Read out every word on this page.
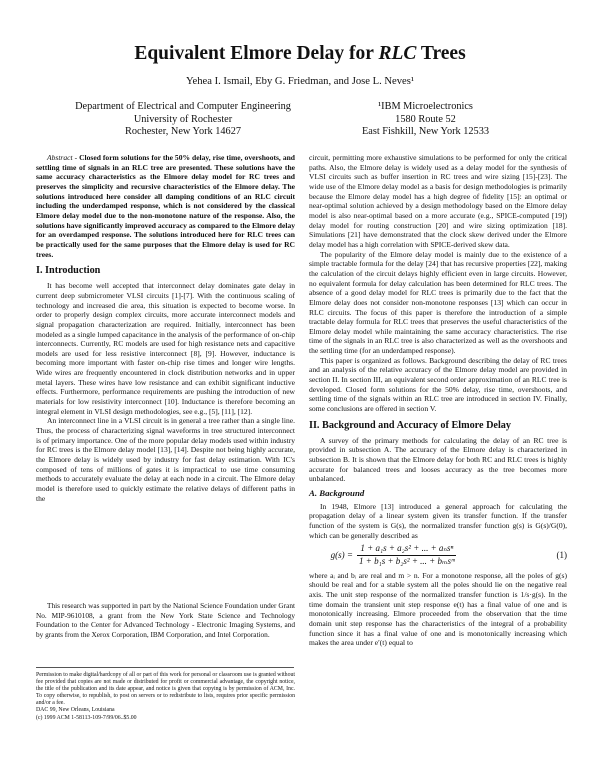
Equivalent Elmore Delay for RLC Trees
Yehea I. Ismail, Eby G. Friedman, and Jose L. Neves¹
Department of Electrical and Computer Engineering
University of Rochester
Rochester, New York 14627
¹IBM Microelectronics
1580 Route 52
East Fishkill, New York 12533

Abstract - Closed form solutions for the 50% delay, rise time, overshoots, and settling time of signals in an RLC tree are presented. These solutions have the same accuracy characteristics as the Elmore delay model for RC trees and preserves the simplicity and recursive characteristics of the Elmore delay. The solutions introduced here consider all damping conditions of an RLC circuit including the underdamped response, which is not considered by the classical Elmore delay model due to the non-monotone nature of the response. Also, the solutions have significantly improved accuracy as compared to the Elmore delay for an overdamped response. The solutions introduced here for RLC trees can be practically used for the same purposes that the Elmore delay is used for RC trees.

I. Introduction

It has become well accepted that interconnect delay dominates gate delay in current deep submicrometer VLSI circuits [1]-[7]. With the continuous scaling of technology and increased die area, this situation is expected to become worse. In order to properly design complex circuits, more accurate interconnect models and signal propagation characterization are required. Initially, interconnect has been modeled as a single lumped capacitance in the analysis of the performance of on-chip interconnects. Currently, RC models are used for high resistance nets and capacitive models are used for less resistive interconnect [8], [9]. However, inductance is becoming more important with faster on-chip rise times and longer wire lengths. Wide wires are frequently encountered in clock distribution networks and in upper metal layers. These wires have low resistance and can exhibit significant inductive effects. Furthermore, performance requirements are pushing the introduction of new materials for low resistivity interconnect [10]. Inductance is therefore becoming an integral element in VLSI design methodologies, see e.g., [5], [11], [12].

An interconnect line in a VLSI circuit is in general a tree rather than a single line. Thus, the process of characterizing signal waveforms in tree structured interconnect is of primary importance. One of the more popular delay models used within industry for RC trees is the Elmore delay model [13], [14]. Despite not being highly accurate, the Elmore delay is widely used by industry for fast delay estimation. With IC's composed of tens of millions of gates it is impractical to use time consuming methods to accurately evaluate the delay at each node in a circuit. The Elmore delay model is therefore used to quickly estimate the relative delays of different paths in the

This research was supported in part by the National Science Foundation under Grant No. MIP-9610108, a grant from the New York State Science and Technology Foundation to the Center for Advanced Technology - Electronic Imaging Systems, and by grants from the Xerox Corporation, IBM Corporation, and Intel Corporation.
Permission to make digital/hardcopy of all or part of this work for personal or classroom use is granted without fee provided that copies are not made or distributed for profit or commercial advantage, the copyright notice, the title of the publication and its date appear, and notice is given that copying is by permission of ACM, Inc. To copy otherwise, to republish, to post on servers or to redistribute to lists, requires prior specific permission and/or a fee.
DAC 99, New Orleans, Louisiana
(c) 1999 ACM 1-58113-109-7/99/06..$5.00

circuit, permitting more exhaustive simulations to be performed for only the critical paths. Also, the Elmore delay is widely used as a delay model for the synthesis of VLSI circuits such as buffer insertion in RC trees and wire sizing [15]-[23]. The wide use of the Elmore delay model as a basis for design methodologies is primarily because the Elmore delay model has a high degree of fidelity [15]: an optimal or near-optimal solution achieved by a design methodology based on the Elmore delay model is also near-optimal based on a more accurate (e.g., SPICE-computed [19]) delay model for routing construction [20] and wire sizing optimization [18]. Simulations [21] have demonstrated that the clock skew derived under the Elmore delay model has a high correlation with SPICE-derived skew data.

The popularity of the Elmore delay model is mainly due to the existence of a simple tractable formula for the delay [24] that has recursive properties [22], making the calculation of the circuit delays highly efficient even in large circuits. However, no equivalent formula for delay calculation has been determined for RLC trees. The absence of a good delay model for RLC trees is primarily due to the fact that the Elmore delay does not consider non-monotone responses [13] which can occur in RLC circuits. The focus of this paper is therefore the introduction of a simple tractable delay formula for RLC trees that preserves the useful characteristics of the Elmore delay model while maintaining the same accuracy characteristics. The rise time of the signals in an RLC tree is also characterized as well as the overshoots and the settling time (for an underdamped response).

This paper is organized as follows. Background describing the delay of RC trees and an analysis of the relative accuracy of the Elmore delay model are provided in section II. In section III, an equivalent second order approximation of an RLC tree is developed. Closed form solutions for the 50% delay, rise time, overshoots, and settling time of the signals within an RLC tree are introduced in section IV. Finally, some conclusions are offered in section V.

II. Background and Accuracy of Elmore Delay

A survey of the primary methods for calculating the delay of an RC tree is provided in subsection A. The accuracy of the Elmore delay is characterized in subsection B. It is shown that the Elmore delay for both RC and RLC trees is highly accurate for balanced trees and looses accuracy as the tree becomes more unbalanced.

A. Background

In 1948, Elmore [13] introduced a general approach for calculating the propagation delay of a linear system given its transfer function. If the transfer function of the system is G(s), the normalized transfer function g(s) is G(s)/G(0), which can be generally described as

$g(s) = \frac{\text{1 + a₁s + a₂s² + ... + aₙsⁿ}}{\text{1 + b₁s + b₂s² + ... + bₘsᵐ}}$	(1)

where aᵢ and bᵢ are real and m > n. For a monotone response, all the poles of g(s) should be real and for a stable system all the poles should lie on the negative real axis. The unit step response of the normalized transfer function is 1/s·g(s). In the time domain the transient unit step response e(t) has a final value of one and is monotonically increasing. Elmore proceeded from the observation that the time domain unit step response has the characteristics of the integral of a probability function since it has a final value of one and is monotonically increasing which makes the area under e′(t) equal to
